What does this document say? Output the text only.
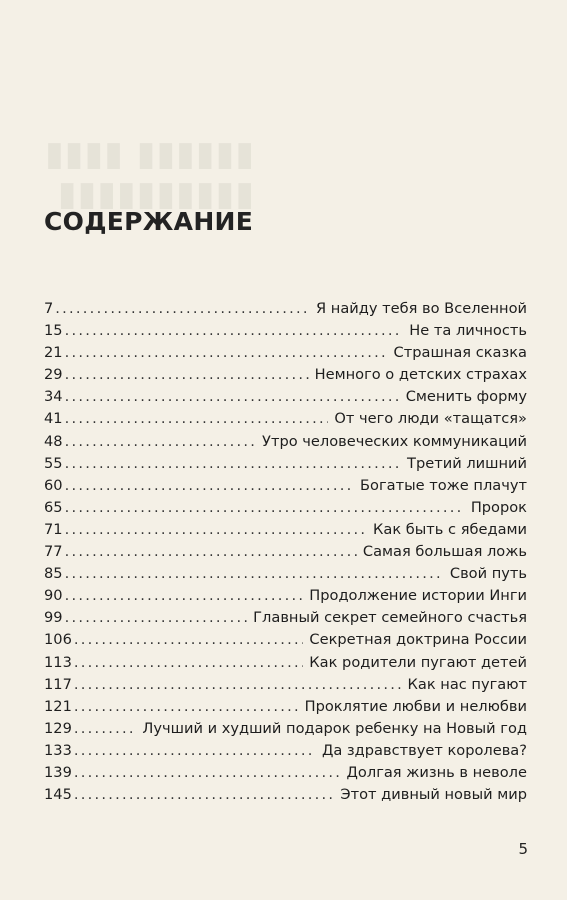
▮▮▮▮▮▮ ▮▮▮▮
▮▮▮▮▮▮▮▮▮▮
СОДЕРЖАНИЕ
7 . . .	Я найду тебя во Вселенной
15 . . .	Не та личность
21 . . .	Страшная сказка
29 . . .	Немного о детских страхах
34 . . .	Сменить форму
41 . . .	От чего люди «тащатся»
48 . . .	Утро человеческих коммуникаций
55 . . .	Третий лишний
60 . . .	Богатые тоже плачут
65 . . .	Пророк
71 . . .	Как быть с ябедами
77 . . .	Самая большая ложь
85 . . .	Свой путь
90 . . .	Продолжение истории Инги
99 . . .	Главный секрет семейного счастья
106 . . .	Секретная доктрина России
113 . . .	Как родители пугают детей
117 . . .	Как нас пугают
121 . . .	Проклятие любви и нелюбви
129 . . .	Лучший и худший подарок ребенку на Новый год
133 . . .	Да здравствует королева?
139 . . .	Долгая жизнь в неволе
145 . . .	Этот дивный новый мир
5
